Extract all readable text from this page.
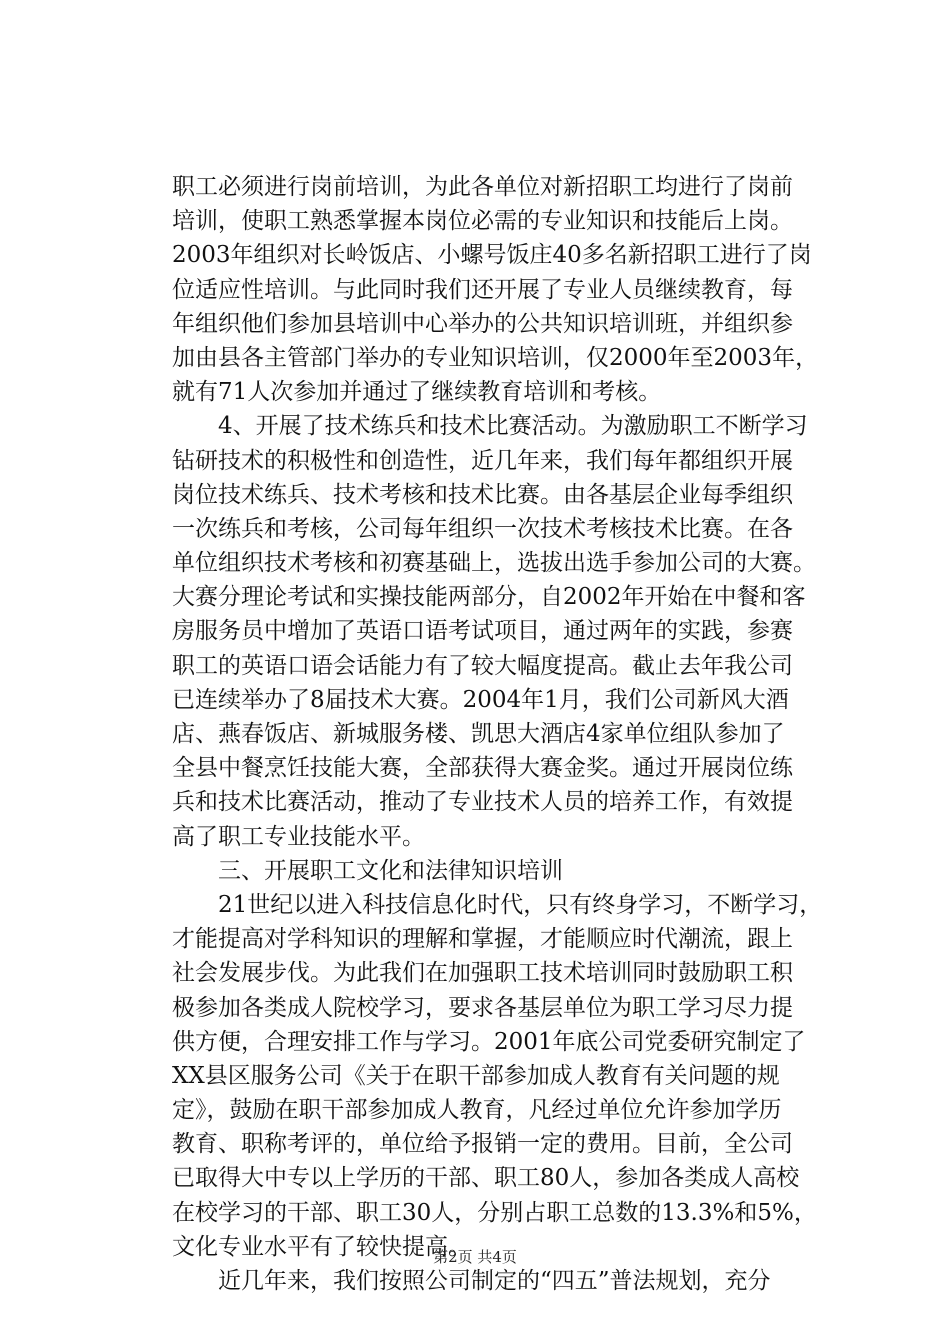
职工必须进行岗前培训，为此各单位对新招职工均进行了岗前
培训，使职工熟悉掌握本岗位必需的专业知识和技能后上岗。
2003年组织对长岭饭店、小螺号饭庄40多名新招职工进行了岗
位适应性培训。与此同时我们还开展了专业人员继续教育，每
年组织他们参加县培训中心举办的公共知识培训班，并组织参
加由县各主管部门举办的专业知识培训，仅2000年至2003年，
就有71人次参加并通过了继续教育培训和考核。
　　4、开展了技术练兵和技术比赛活动。为激励职工不断学习
钻研技术的积极性和创造性，近几年来，我们每年都组织开展
岗位技术练兵、技术考核和技术比赛。由各基层企业每季组织
一次练兵和考核，公司每年组织一次技术考核技术比赛。在各
单位组织技术考核和初赛基础上，选拔出选手参加公司的大赛。
大赛分理论考试和实操技能两部分，自2002年开始在中餐和客
房服务员中增加了英语口语考试项目，通过两年的实践，参赛
职工的英语口语会话能力有了较大幅度提高。截止去年我公司
已连续举办了8届技术大赛。2004年1月，我们公司新风大酒
店、燕春饭店、新城服务楼、凯思大酒店4家单位组队参加了
全县中餐烹饪技能大赛，全部获得大赛金奖。通过开展岗位练
兵和技术比赛活动，推动了专业技术人员的培养工作，有效提
高了职工专业技能水平。
　　三、开展职工文化和法律知识培训
　　21世纪以进入科技信息化时代，只有终身学习，不断学习，
才能提高对学科知识的理解和掌握，才能顺应时代潮流，跟上
社会发展步伐。为此我们在加强职工技术培训同时鼓励职工积
极参加各类成人院校学习，要求各基层单位为职工学习尽力提
供方便，合理安排工作与学习。2001年底公司党委研究制定了
XX县区服务公司《关于在职干部参加成人教育有关问题的规
定》，鼓励在职干部参加成人教育，凡经过单位允许参加学历
教育、职称考评的，单位给予报销一定的费用。目前，全公司
已取得大中专以上学历的干部、职工80人，参加各类成人高校
在校学习的干部、职工30人，分别占职工总数的13.3%和5%，
文化专业水平有了较快提高。
　　近几年来，我们按照公司制定的“四五”普法规划，充分
第2页 共4页
